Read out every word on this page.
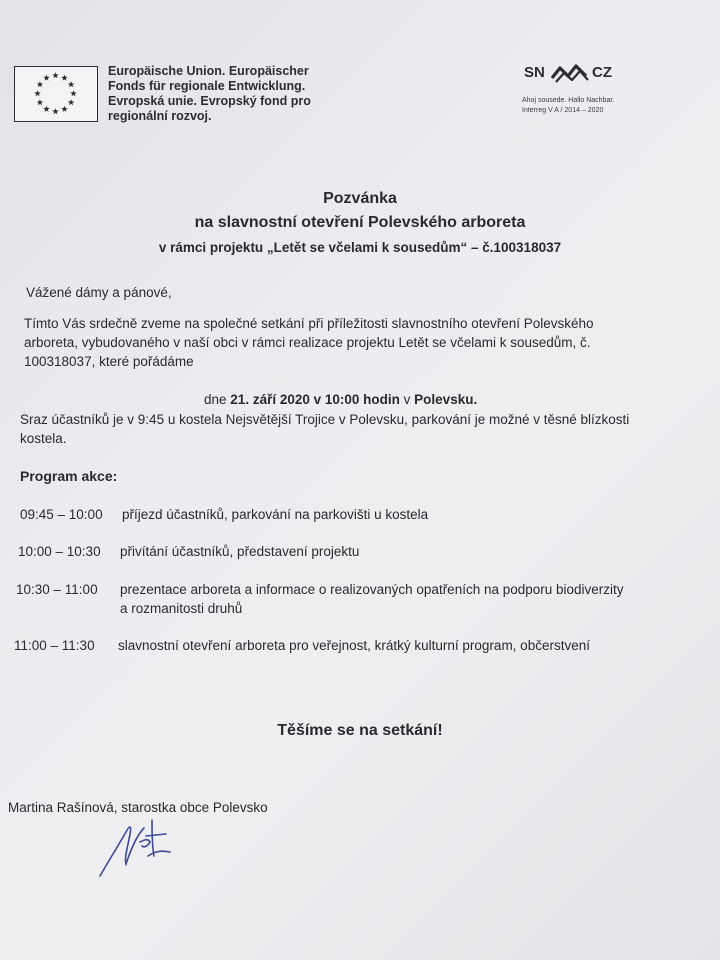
Europäische Union. Europäischer
Fonds für regionale Entwicklung.
Evropská unie. Evropský fond pro
regionální rozvoj.
SN	CZ
Ahoj sousede. Hallo Nachbar.
Interreg V A / 2014 – 2020
Pozvánka
na slavnostní otevření Polevského arboreta
v rámci projektu „Letět se včelami k sousedům“ – č.100318037
Vážené dámy a pánové,
Tímto Vás srdečně zveme na společné setkání při příležitosti slavnostního otevření Polevského
arboreta, vybudovaného v naší obci v rámci realizace projektu Letět se včelami k sousedům, č.
100318037, které pořádáme
dne 21. září 2020 v 10:00 hodin v Polevsku.
Sraz účastníků je v 9:45 u kostela Nejsvětější Trojice v Polevsku, parkování je možné v těsné blízkosti
kostela.
Program akce:
09:45 – 10:00 příjezd účastníků, parkování na parkovišti u kostela
10:00 – 10:30 přivítání účastníků, představení projektu
10:30 – 11:00 prezentace arboreta a informace o realizovaných opatřeních na podporu biodiverzity
a rozmanitosti druhů
11:00 – 11:30 slavnostní otevření arboreta pro veřejnost, krátký kulturní program, občerstvení
Těšíme se na setkání!
Martina Rašínová, starostka obce Polevsko
